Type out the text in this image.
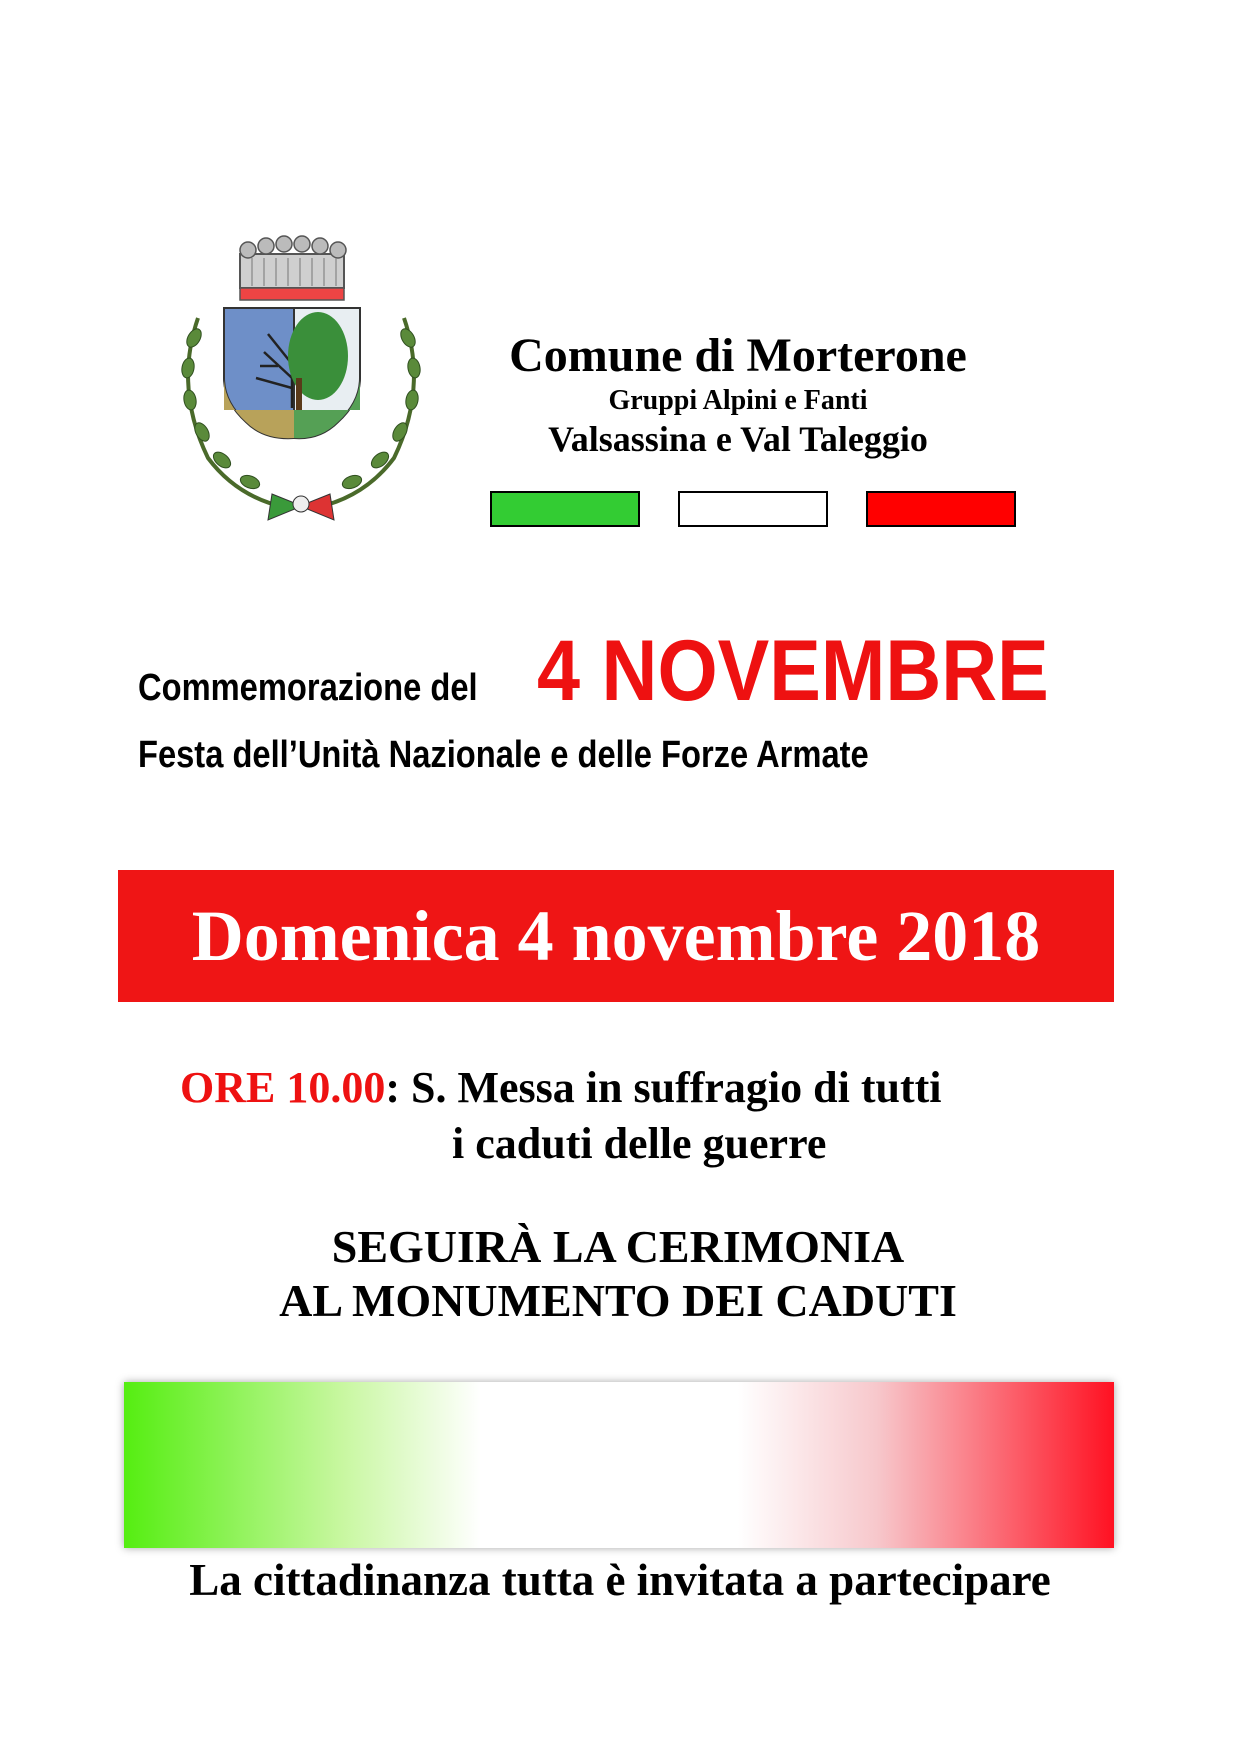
Comune di Morterone
Gruppi Alpini e Fanti
Valsassina e Val Taleggio
Commemorazione del 4 NOVEMBRE
Festa dell’Unità Nazionale e delle Forze Armate
Domenica 4 novembre 2018
ORE 10.00: S. Messa in suffragio di tutti
i caduti delle guerre
SEGUIRÀ LA CERIMONIA
AL MONUMENTO DEI CADUTI
La cittadinanza tutta è invitata a partecipare
